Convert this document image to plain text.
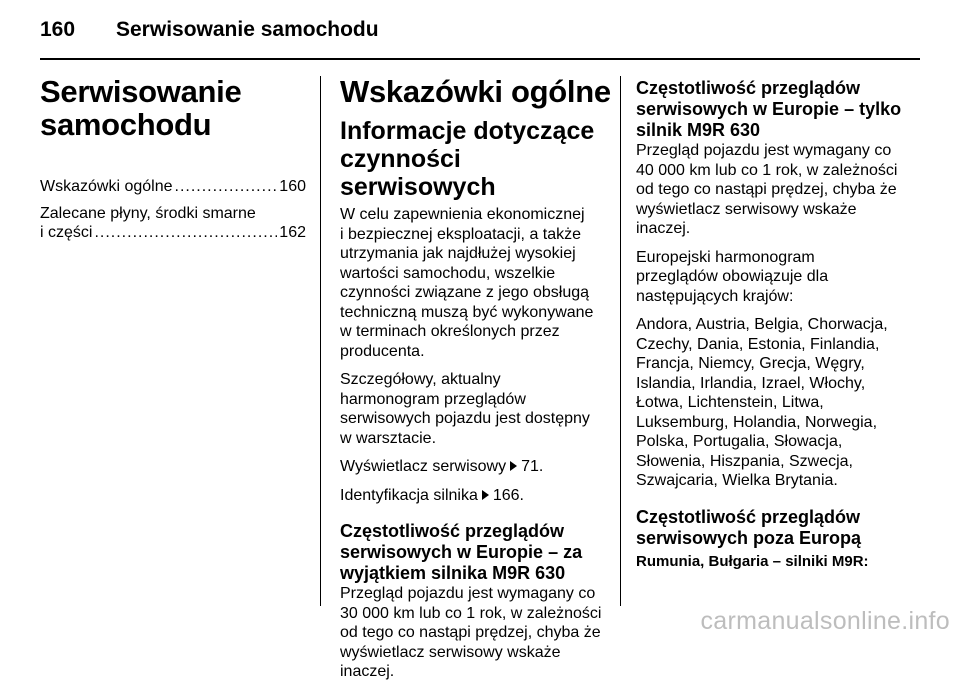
160 Serwisowanie samochodu
Serwisowanie
samochodu
Wskazówki ogólne .....	160
Zalecane płyny, środki smarne
i części .....	162
Wskazówki ogólne
Informacje dotyczące
czynności serwisowych

W celu zapewnienia ekonomicznej
i bezpiecznej eksploatacji, a także
utrzymania jak najdłużej wysokiej
wartości samochodu, wszelkie
czynności związane z jego obsługą
techniczną muszą być wykonywane
w terminach określonych przez
producenta.

Szczegółowy, aktualny
harmonogram przeglądów
serwisowych pojazdu jest dostępny
w warsztacie.

Wyświetlacz serwisowy 71.

Identyfikacja silnika 166.

Częstotliwość przeglądów
serwisowych w Europie – za
wyjątkiem silnika M9R 630

Przegląd pojazdu jest wymagany co
30 000 km lub co 1 rok, w zależności
od tego co nastąpi prędzej, chyba że
wyświetlacz serwisowy wskaże
inaczej.

Częstotliwość przeglądów
serwisowych w Europie – tylko
silnik M9R 630

Przegląd pojazdu jest wymagany co
40 000 km lub co 1 rok, w zależności
od tego co nastąpi prędzej, chyba że
wyświetlacz serwisowy wskaże
inaczej.

Europejski harmonogram
przeglądów obowiązuje dla
następujących krajów:

Andora, Austria, Belgia, Chorwacja,
Czechy, Dania, Estonia, Finlandia,
Francja, Niemcy, Grecja, Węgry,
Islandia, Irlandia, Izrael, Włochy,
Łotwa, Lichtenstein, Litwa,
Luksemburg, Holandia, Norwegia,
Polska, Portugalia, Słowacja,
Słowenia, Hiszpania, Szwecja,
Szwajcaria, Wielka Brytania.

Częstotliwość przeglądów
serwisowych poza Europą
Rumunia, Bułgaria – silniki M9R:
carmanualsonline.info
